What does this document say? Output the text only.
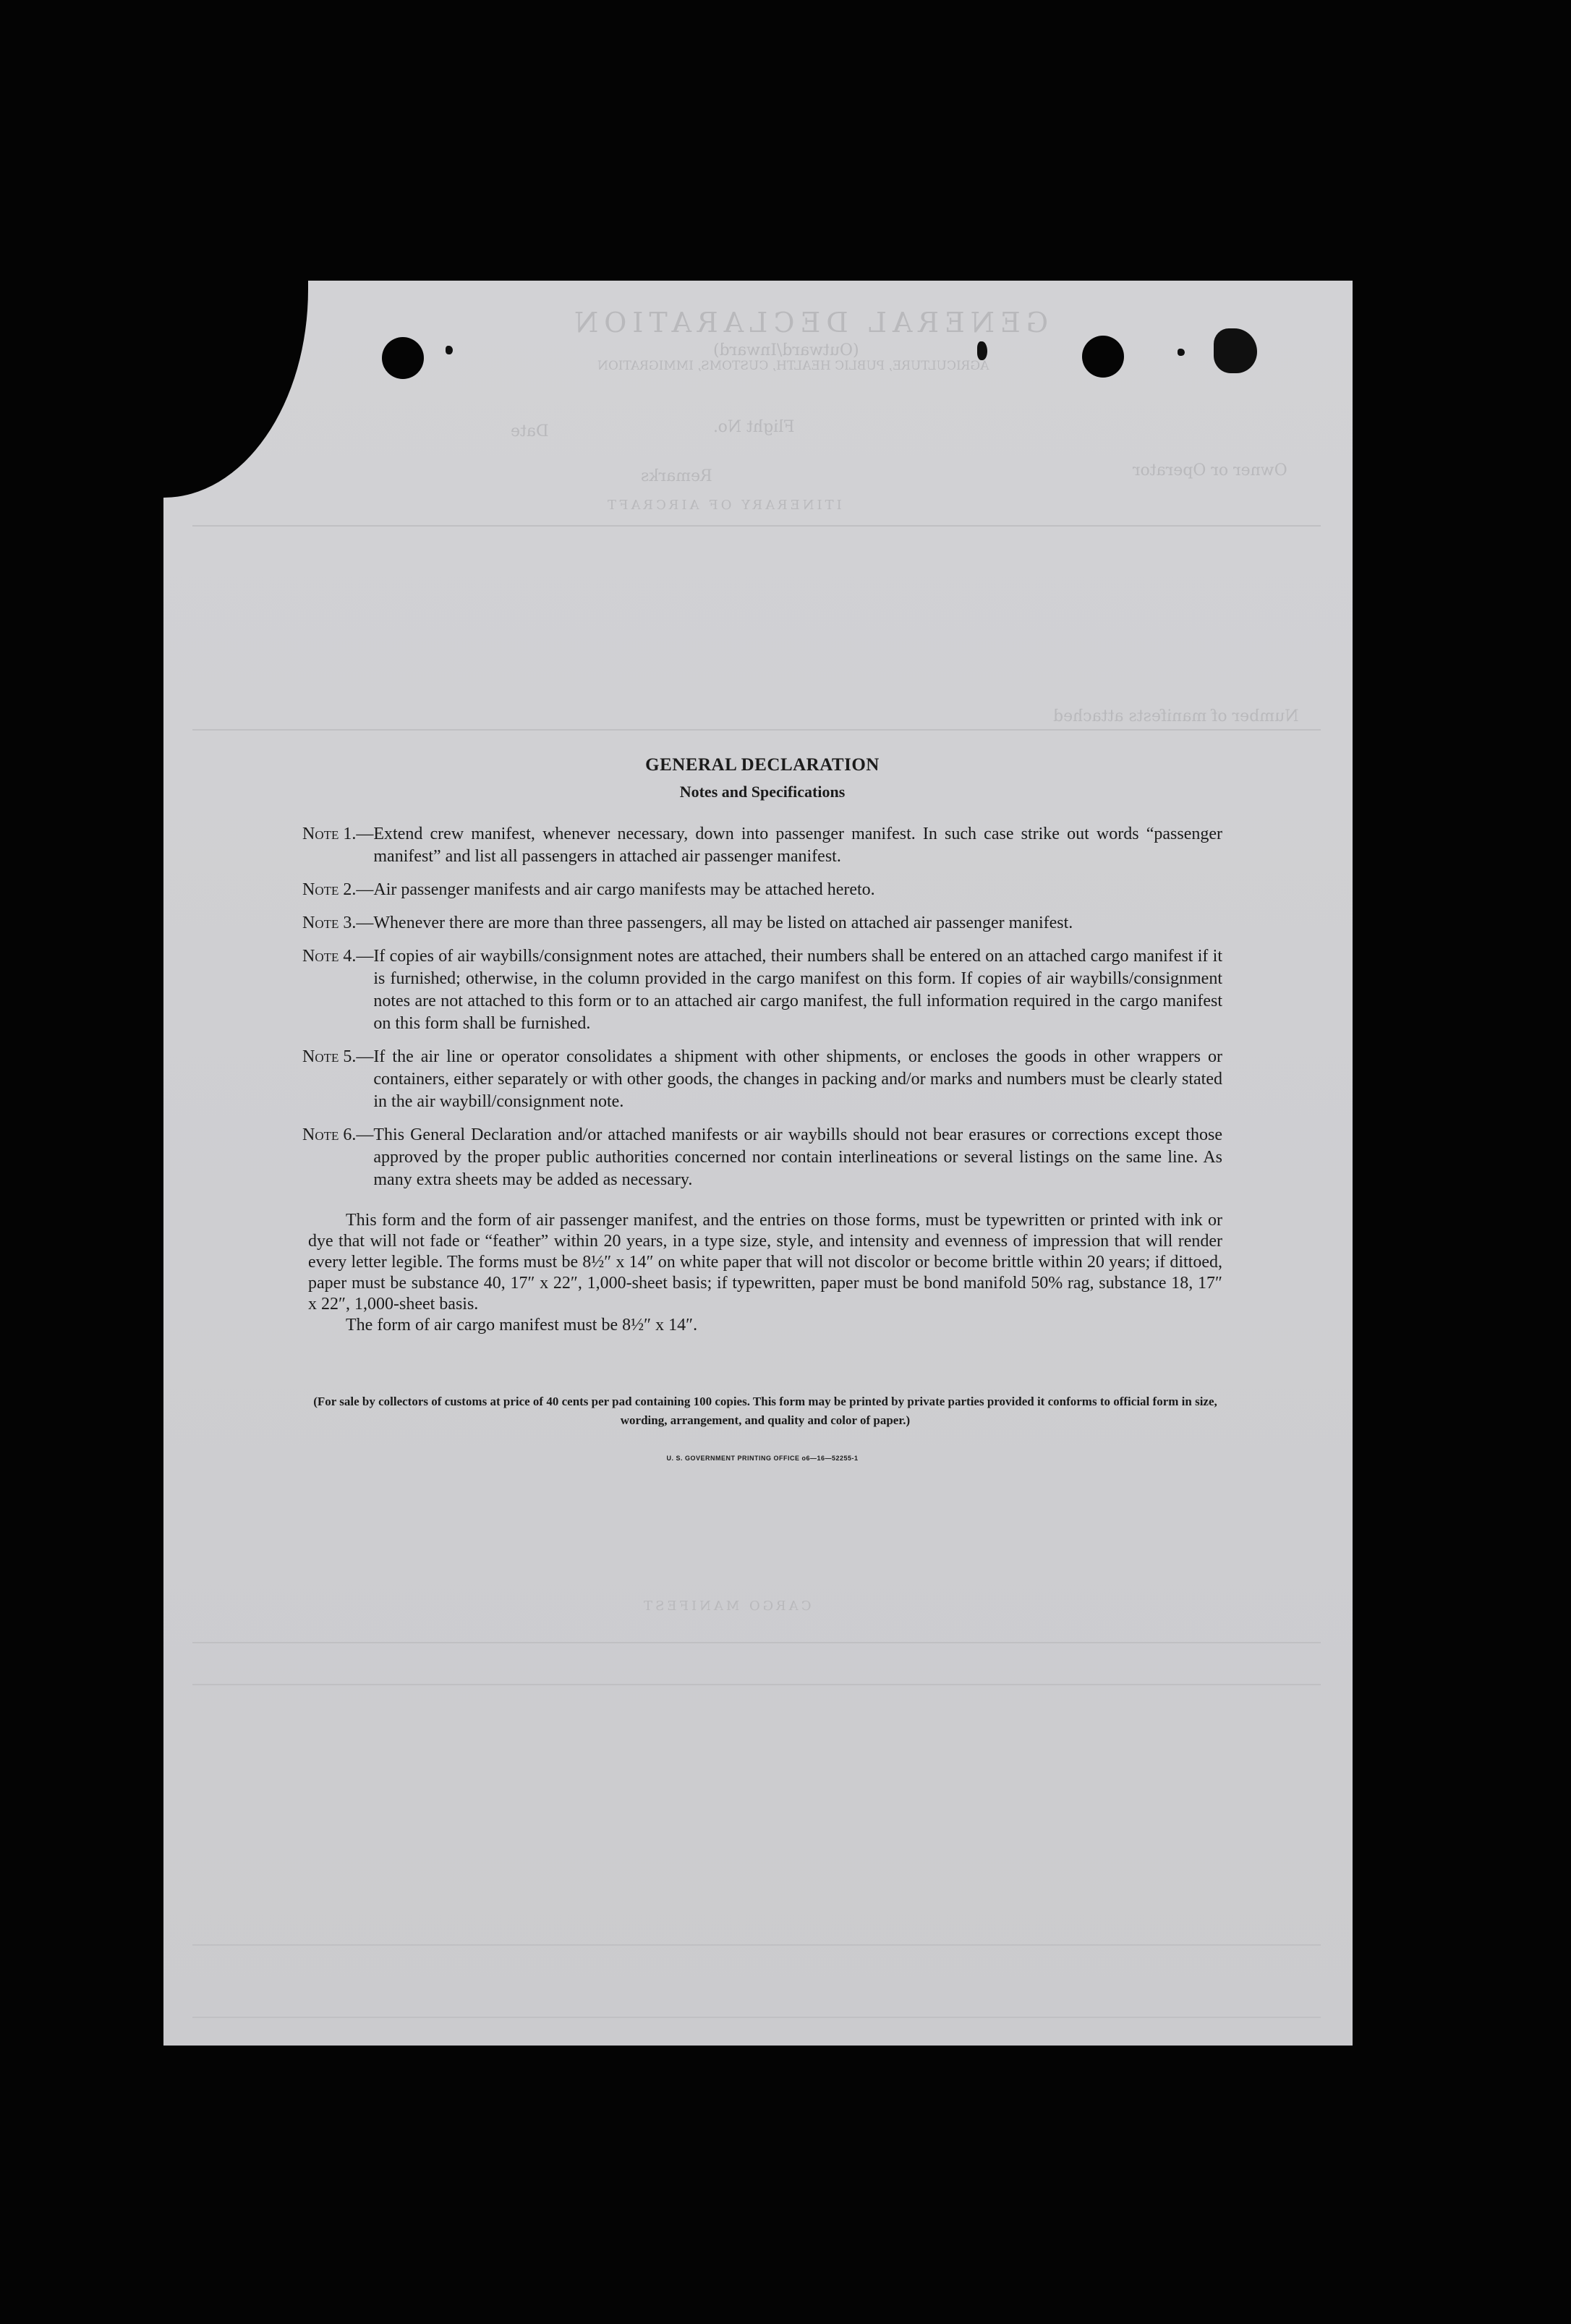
GENERAL DECLARATION
(Outward/Inward)
AGRICULTURE, PUBLIC HEALTH, CUSTOMS, IMMIGRATION
Owner or Operator
Flight No.
Date
Remarks
ITINERARY OF AIRCRAFT
CARGO MANIFEST
Number of manifests attached

GENERAL DECLARATION

Notes and Specifications

Note 1.— Extend crew manifest, whenever necessary, down into passenger manifest. In such case strike out words “passenger manifest” and list all passengers in attached air passenger manifest.
Note 2.— Air passenger manifests and air cargo manifests may be attached hereto.
Note 3.— Whenever there are more than three passengers, all may be listed on attached air passenger manifest.
Note 4.— If copies of air waybills/consignment notes are attached, their numbers shall be entered on an attached cargo manifest if it is furnished; otherwise, in the column provided in the cargo manifest on this form. If copies of air waybills/consignment notes are not attached to this form or to an attached air cargo manifest, the full information required in the cargo manifest on this form shall be furnished.
Note 5.— If the air line or operator consolidates a shipment with other shipments, or encloses the goods in other wrappers or containers, either separately or with other goods, the changes in packing and/or marks and numbers must be clearly stated in the air waybill/consignment note.
Note 6.— This General Declaration and/or attached manifests or air waybills should not bear erasures or corrections except those approved by the proper public authorities concerned nor contain interlineations or several listings on the same line. As many extra sheets may be added as necessary.
This form and the form of air passenger manifest, and the entries on those forms, must be typewritten or printed with ink or dye that will not fade or “feather” within 20 years, in a type size, style, and intensity and evenness of impression that will render every letter legible. The forms must be 8½″ x 14″ on white paper that will not discolor or become brittle within 20 years; if dittoed, paper must be substance 40, 17″ x 22″, 1,000-sheet basis; if typewritten, paper must be bond manifold 50% rag, substance 18, 17″ x 22″, 1,000-sheet basis.
The form of air cargo manifest must be 8½″ x 14″.
(For sale by collectors of customs at price of 40 cents per pad containing 100 copies. This form may be printed by private parties provided it conforms to official form in size, wording, arrangement, and quality and color of paper.)
U. S. GOVERNMENT PRINTING OFFICE o6—16—52255-1
